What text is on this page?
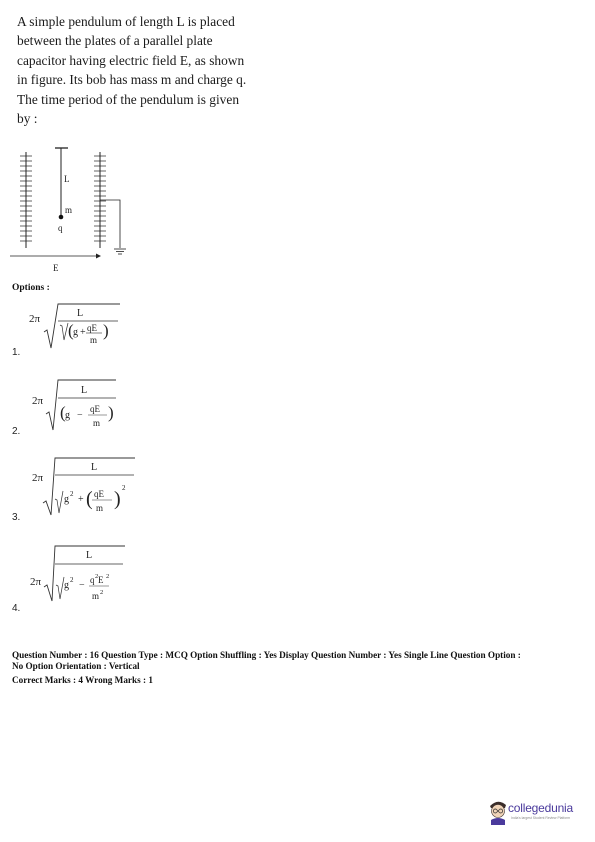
A simple pendulum of length L is placed
between the plates of a parallel plate
capacitor having electric field E, as shown
in figure. Its bob has mass m and charge q.
The time period of the pendulum is given
by :
L
m
q
E
Options :
2π	L
( g + qE
m )
1.
2π
L
( g −
qE
m
)
2.
2π
L
g 2 + ( qE
m ) 2
3.
2π
L
g 2 − q 2 E 2
m 2
4.
Question Number : 16 Question Type : MCQ Option Shuffling : Yes Display Question Number : Yes Single Line Question Option :
No Option Orientation : Vertical
Correct Marks : 4 Wrong Marks : 1
collegedunia
India's largest Student Review Platform
